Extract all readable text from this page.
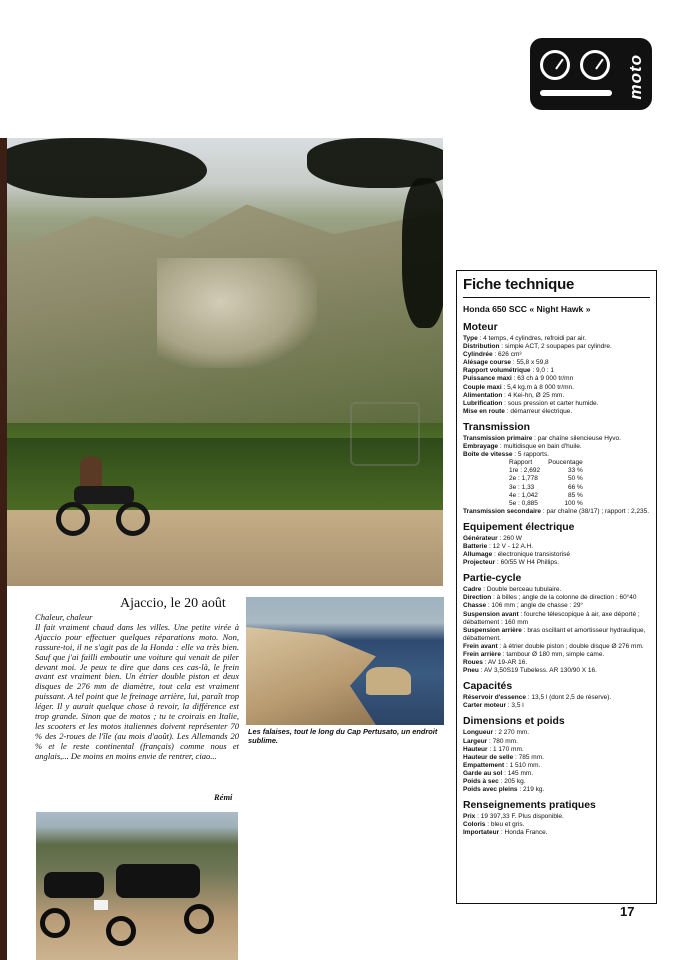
moto
Fiche technique
Honda 650 SCC « Night Hawk »
Moteur

Type : 4 temps, 4 cylindres, refroidi par air.

Distribution : simple ACT, 2 soupapes par cylindre.

Cylindrée : 626 cm³

Alésage course : 55,8 x 59,8

Rapport volumétrique : 9,0 : 1

Puissance maxi : 63 ch à 9 000 tr/mn

Couple maxi : 5,4 kg.m à 8 000 tr/mn.

Alimentation : 4 Kei-hn, Ø 25 mm.

Lubrification : sous pression et carter humide.

Mise en route : démarreur électrique.

Transmission

Transmission primaire : par chaîne silencieuse Hyvo.

Embrayage : multidisque en bain d'huile.

Boîte de vitesse : 5 rapports.

Rapport	Poucentage
1re : 2,692	33 %
2e : 1,778	50 %
3e : 1,33	66 %
4e : 1,042	85 %
5e : 0,885	100 %

Transmission secondaire : par chaîne (38/17) ; rapport : 2,235.

Equipement électrique

Générateur : 260 W

Batterie : 12 V - 12 A.H.

Allumage : électronique transistorisé

Projecteur : 60/55 W H4 Phillips.

Partie-cycle

Cadre : Double berceau tubulaire.

Direction : à billes ; angle de la colonne de direction : 60°40

Chasse : 106 mm ; angle de chasse : 29°

Suspension avant : fourche télescopique à air, axe déporté ; débattement : 160 mm

Suspension arrière : bras oscillant et amortisseur hydraulique, débattement.

Frein avant : à étrier double piston ; double disque Ø 276 mm.

Frein arrière : tambour Ø 180 mm, simple came.

Roues : AV 19-AR 16.

Pneu : AV 3,50S19 Tubeless. AR 130/90 X 16.

Capacités

Réservoir d'essence : 13,5 l (dont 2,5 de réserve).

Carter moteur : 3,5 l

Dimensions et poids

Longueur : 2 270 mm.

Largeur : 780 mm.

Hauteur : 1 170 mm.

Hauteur de selle : 785 mm.

Empattement : 1 510 mm.

Garde au sol : 145 mm.

Poids à sec : 205 kg.

Poids avec pleins : 219 kg.

Renseignements pratiques

Prix : 19 397,33 F. Plus disponible.

Coloris : bleu et gris.

Importateur : Honda France.

Ajaccio, le 20 août
Chaleur, chaleur
Il fait vraiment chaud dans les villes. Une petite virée à Ajaccio pour effectuer quelques réparations moto. Non, rassure-toi, il ne s'agit pas de la Honda : elle va très bien. Sauf que j'ai failli emboutir une voiture qui venait de piler devant moi. Je peux te dire que dans ces cas-là, le frein avant est vraiment bien. Un étrier double piston et deux disques de 276 mm de diamètre, tout cela est vraiment puissant. A tel point que le freinage arrière, lui, paraît trop léger. Il y aurait quelque chose à revoir, la différence est trop grande. Sinon que de motos ; tu te croirais en Italie, les scooters et les motos italiennes doivent représenter 70 % des 2-roues de l'île (au mois d'août). Les Allemands 20 % et le reste continental (français) comme nous et anglais,... De moins en moins envie de rentrer, ciao...
Rémi
Les falaises, tout le long du Cap Pertusato, un endroit sublime.
17
